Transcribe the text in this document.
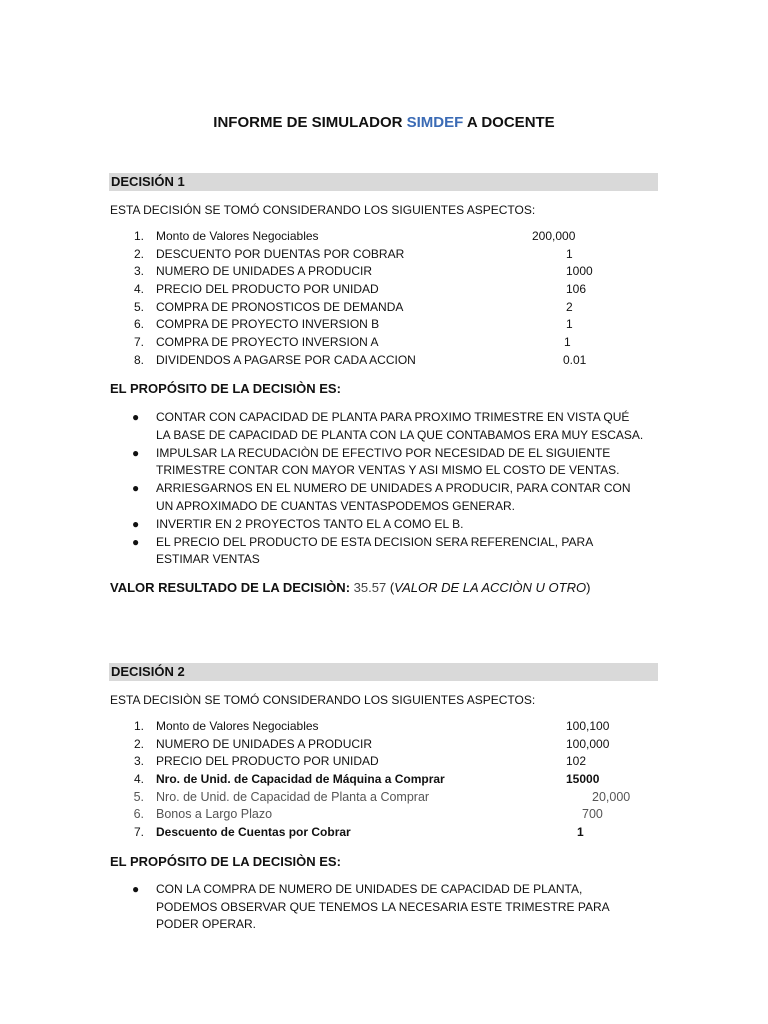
INFORME DE SIMULADOR SIMDEF A DOCENTE
DECISIÓN 1
ESTA DECISIÓN SE TOMÓ CONSIDERANDO LOS SIGUIENTES ASPECTOS:
1. Monto de Valores Negociables	200,000
2. DESCUENTO POR DUENTAS POR COBRAR	1
3. NUMERO DE UNIDADES A PRODUCIR	1000
4. PRECIO DEL PRODUCTO POR UNIDAD	106
5. COMPRA DE PRONOSTICOS DE DEMANDA	2
6. COMPRA DE PROYECTO INVERSION B	1
7. COMPRA DE PROYECTO INVERSION A	1
8. DIVIDENDOS A PAGARSE POR CADA ACCION	0.01
EL PROPÓSITO DE LA DECISIÒN ES:
● CONTAR CON CAPACIDAD DE PLANTA PARA PROXIMO TRIMESTRE EN VISTA QUÉ LA BASE DE CAPACIDAD DE PLANTA CON LA QUE CONTABAMOS ERA MUY ESCASA.
● IMPULSAR LA RECUDACIÒN DE EFECTIVO POR NECESIDAD DE EL SIGUIENTE TRIMESTRE CONTAR CON MAYOR VENTAS Y ASI MISMO EL COSTO DE VENTAS.
● ARRIESGARNOS EN EL NUMERO DE UNIDADES A PRODUCIR, PARA CONTAR CON UN APROXIMADO DE CUANTAS VENTASPODEMOS GENERAR.
● INVERTIR EN 2 PROYECTOS TANTO EL A COMO EL B.
● EL PRECIO DEL PRODUCTO DE ESTA DECISION SERA REFERENCIAL, PARA ESTIMAR VENTAS
VALOR RESULTADO DE LA DECISIÒN: 35.57 (VALOR DE LA ACCIÒN U OTRO)
DECISIÓN 2
ESTA DECISIÒN SE TOMÓ CONSIDERANDO LOS SIGUIENTES ASPECTOS:
1. Monto de Valores Negociables	100,100
2. NUMERO DE UNIDADES A PRODUCIR	100,000
3. PRECIO DEL PRODUCTO POR UNIDAD	102
4. Nro. de Unid. de Capacidad de Máquina a Comprar	15000
5. Nro. de Unid. de Capacidad de Planta a Comprar	20,000
6. Bonos a Largo Plazo	700
7. Descuento de Cuentas por Cobrar	1
EL PROPÓSITO DE LA DECISIÒN ES:
● CON LA COMPRA DE NUMERO DE UNIDADES DE CAPACIDAD DE PLANTA, PODEMOS OBSERVAR QUE TENEMOS LA NECESARIA ESTE TRIMESTRE PARA PODER OPERAR.
